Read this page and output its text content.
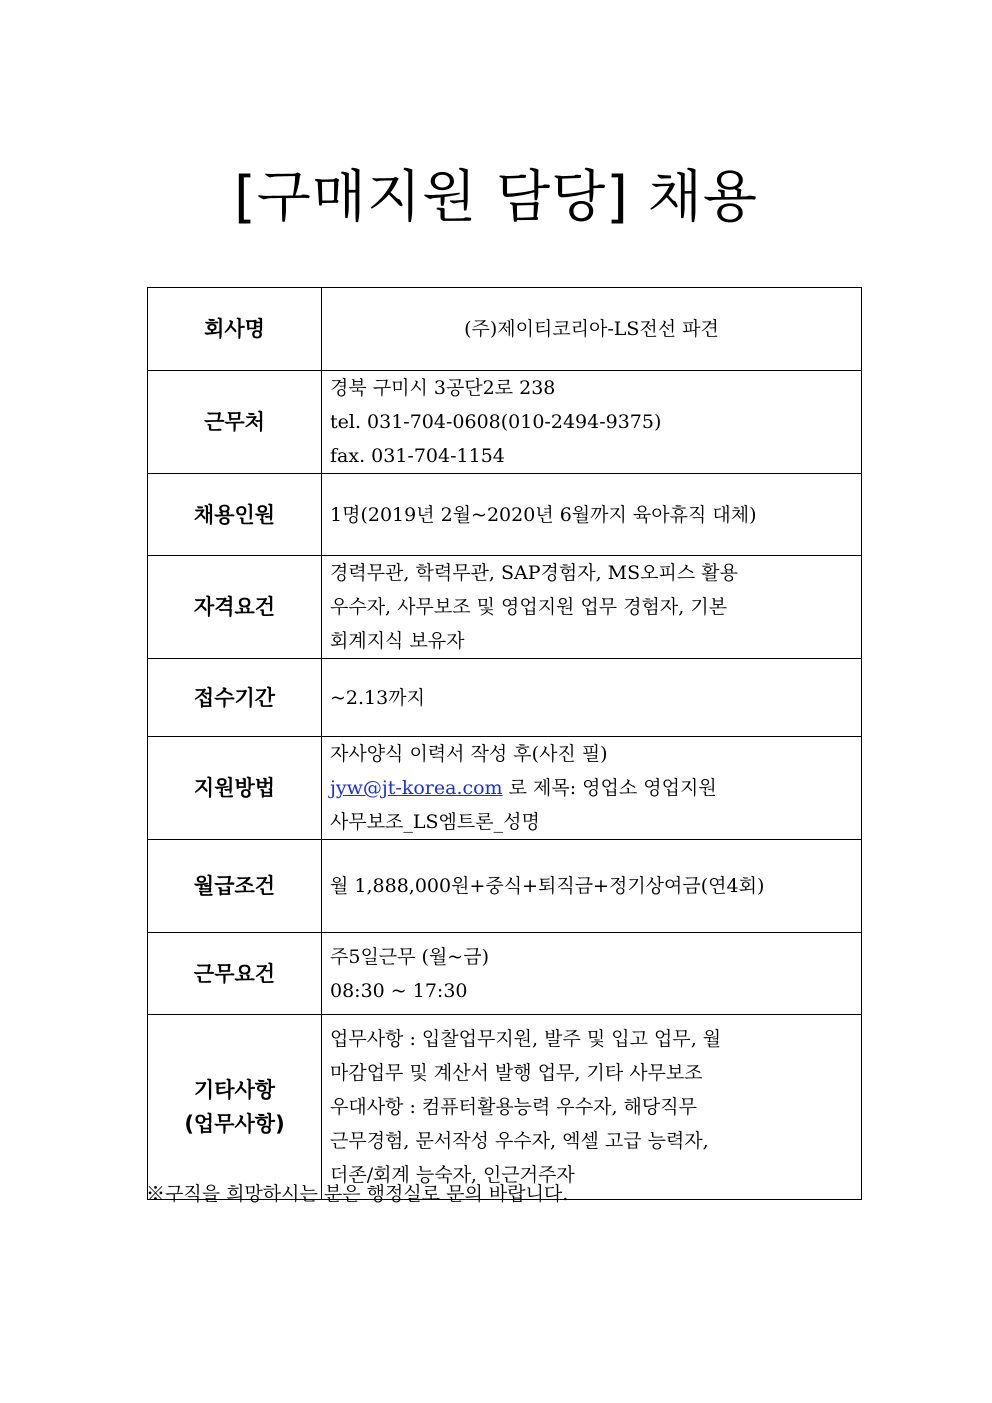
[구매지원 담당] 채용
회사명	(주)제이티코리아-LS전선 파견
근무처	경북 구미시 3공단2로 238
tel. 031-704-0608(010-2494-9375)
fax. 031-704-1154

채용인원	1명(2019년 2월~2020년 6월까지 육아휴직 대체)
자격요건	경력무관, 학력무관, SAP경험자, MS오피스 활용
우수자, 사무보조 및 영업지원 업무 경험자, 기본
회계지식 보유자

접수기간	~2.13까지
지원방법	자사양식 이력서 작성 후(사진 필)
jyw@jt-korea.com 로 제목: 영업소 영업지원
사무보조_LS엠트론_성명

월급조건	월 1,888,000원+중식+퇴직금+정기상여금(연4회)
근무요건	주5일근무 (월~금)
08:30 ~ 17:30

기타사항
(업무사항)	업무사항 : 입찰업무지원, 발주 및 입고 업무, 월
마감업무 및 계산서 발행 업무, 기타 사무보조
우대사항 : 컴퓨터활용능력 우수자, 해당직무
근무경험, 문서작성 우수자, 엑셀 고급 능력자,
더존/회계 능숙자, 인근거주자
※구직을 희망하시는 분은 행정실로 문의 바랍니다.
